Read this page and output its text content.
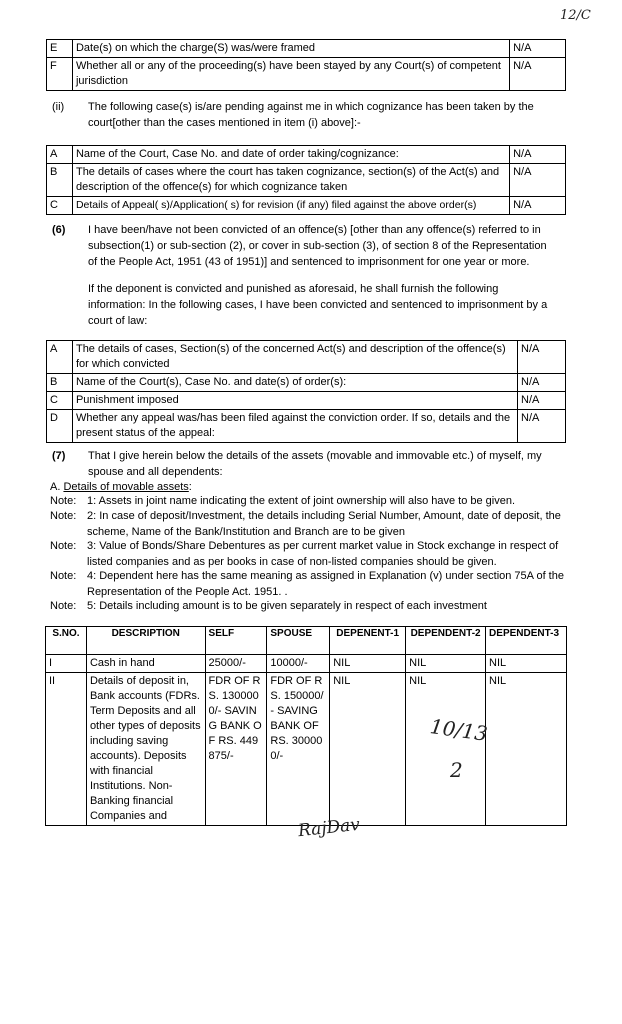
12/C
E	Date(s) on which the charge(S) was/were framed	N/A
F	Whether all or any of the proceeding(s) have been stayed by any Court(s) of competent jurisdiction	N/A
(ii) The following case(s) is/are pending against me in which cognizance has been taken by the court[other than the cases mentioned in item (i) above]:-
A	Name of the Court, Case No. and date of order taking/cognizance:	N/A
B	The details of cases where the court has taken cognizance, section(s) of the Act(s) and description of the offence(s) for which cognizance taken	N/A
C	Details of Appeal( s)/Application( s) for revision (if any) filed against the above order(s)	N/A
(6) I have been/have not been convicted of an offence(s) [other than any offence(s) referred to in subsection(1) or sub-section (2), or cover in sub-section (3), of section 8 of the Representation of the People Act, 1951 (43 of 1951)] and sentenced to imprisonment for one year or more.
If the deponent is convicted and punished as aforesaid, he shall furnish the following information: In the following cases, I have been convicted and sentenced to imprisonment by a court of law:
A	The details of cases, Section(s) of the concerned Act(s) and description of the offence(s) for which convicted	N/A
B	Name of the Court(s), Case No. and date(s) of order(s):	N/A
C	Punishment imposed	N/A
D	Whether any appeal was/has been filed against the conviction order. If so, details and the present status of the appeal:	N/A
(7) That I give herein below the details of the assets (movable and immovable etc.) of myself, my spouse and all dependents:
A. Details of movable assets:
Note: 1: Assets in joint name indicating the extent of joint ownership will also have to be given.
Note: 2: In case of deposit/Investment, the details including Serial Number, Amount, date of deposit, the scheme, Name of the Bank/Institution and Branch are to be given
Note: 3: Value of Bonds/Share Debentures as per current market value in Stock exchange in respect of listed companies and as per books in case of non-listed companies should be given.
Note: 4: Dependent here has the same meaning as assigned in Explanation (v) under section 75A of the Representation of the People Act. 1951. .
Note: 5: Details including amount is to be given separately in respect of each investment
S.NO.	DESCRIPTION	SELF	SPOUSE	DEPENENT-1	DEPENDENT-2	DEPENDENT-3
I	Cash in hand	25000/-	10000/-	NIL	NIL	NIL
II	Details of deposit in, Bank accounts (FDRs. Term Deposits and all other types of deposits including saving accounts). Deposits with financial Institutions. Non-Banking financial Companies and	FDR OF RS. 1300000/- SAVING BANK OF RS. 449875/-	FDR OF RS. 150000/- SAVING BANK OF RS. 300000/-	NIL	NIL	NIL
10/13
2
RajDav
